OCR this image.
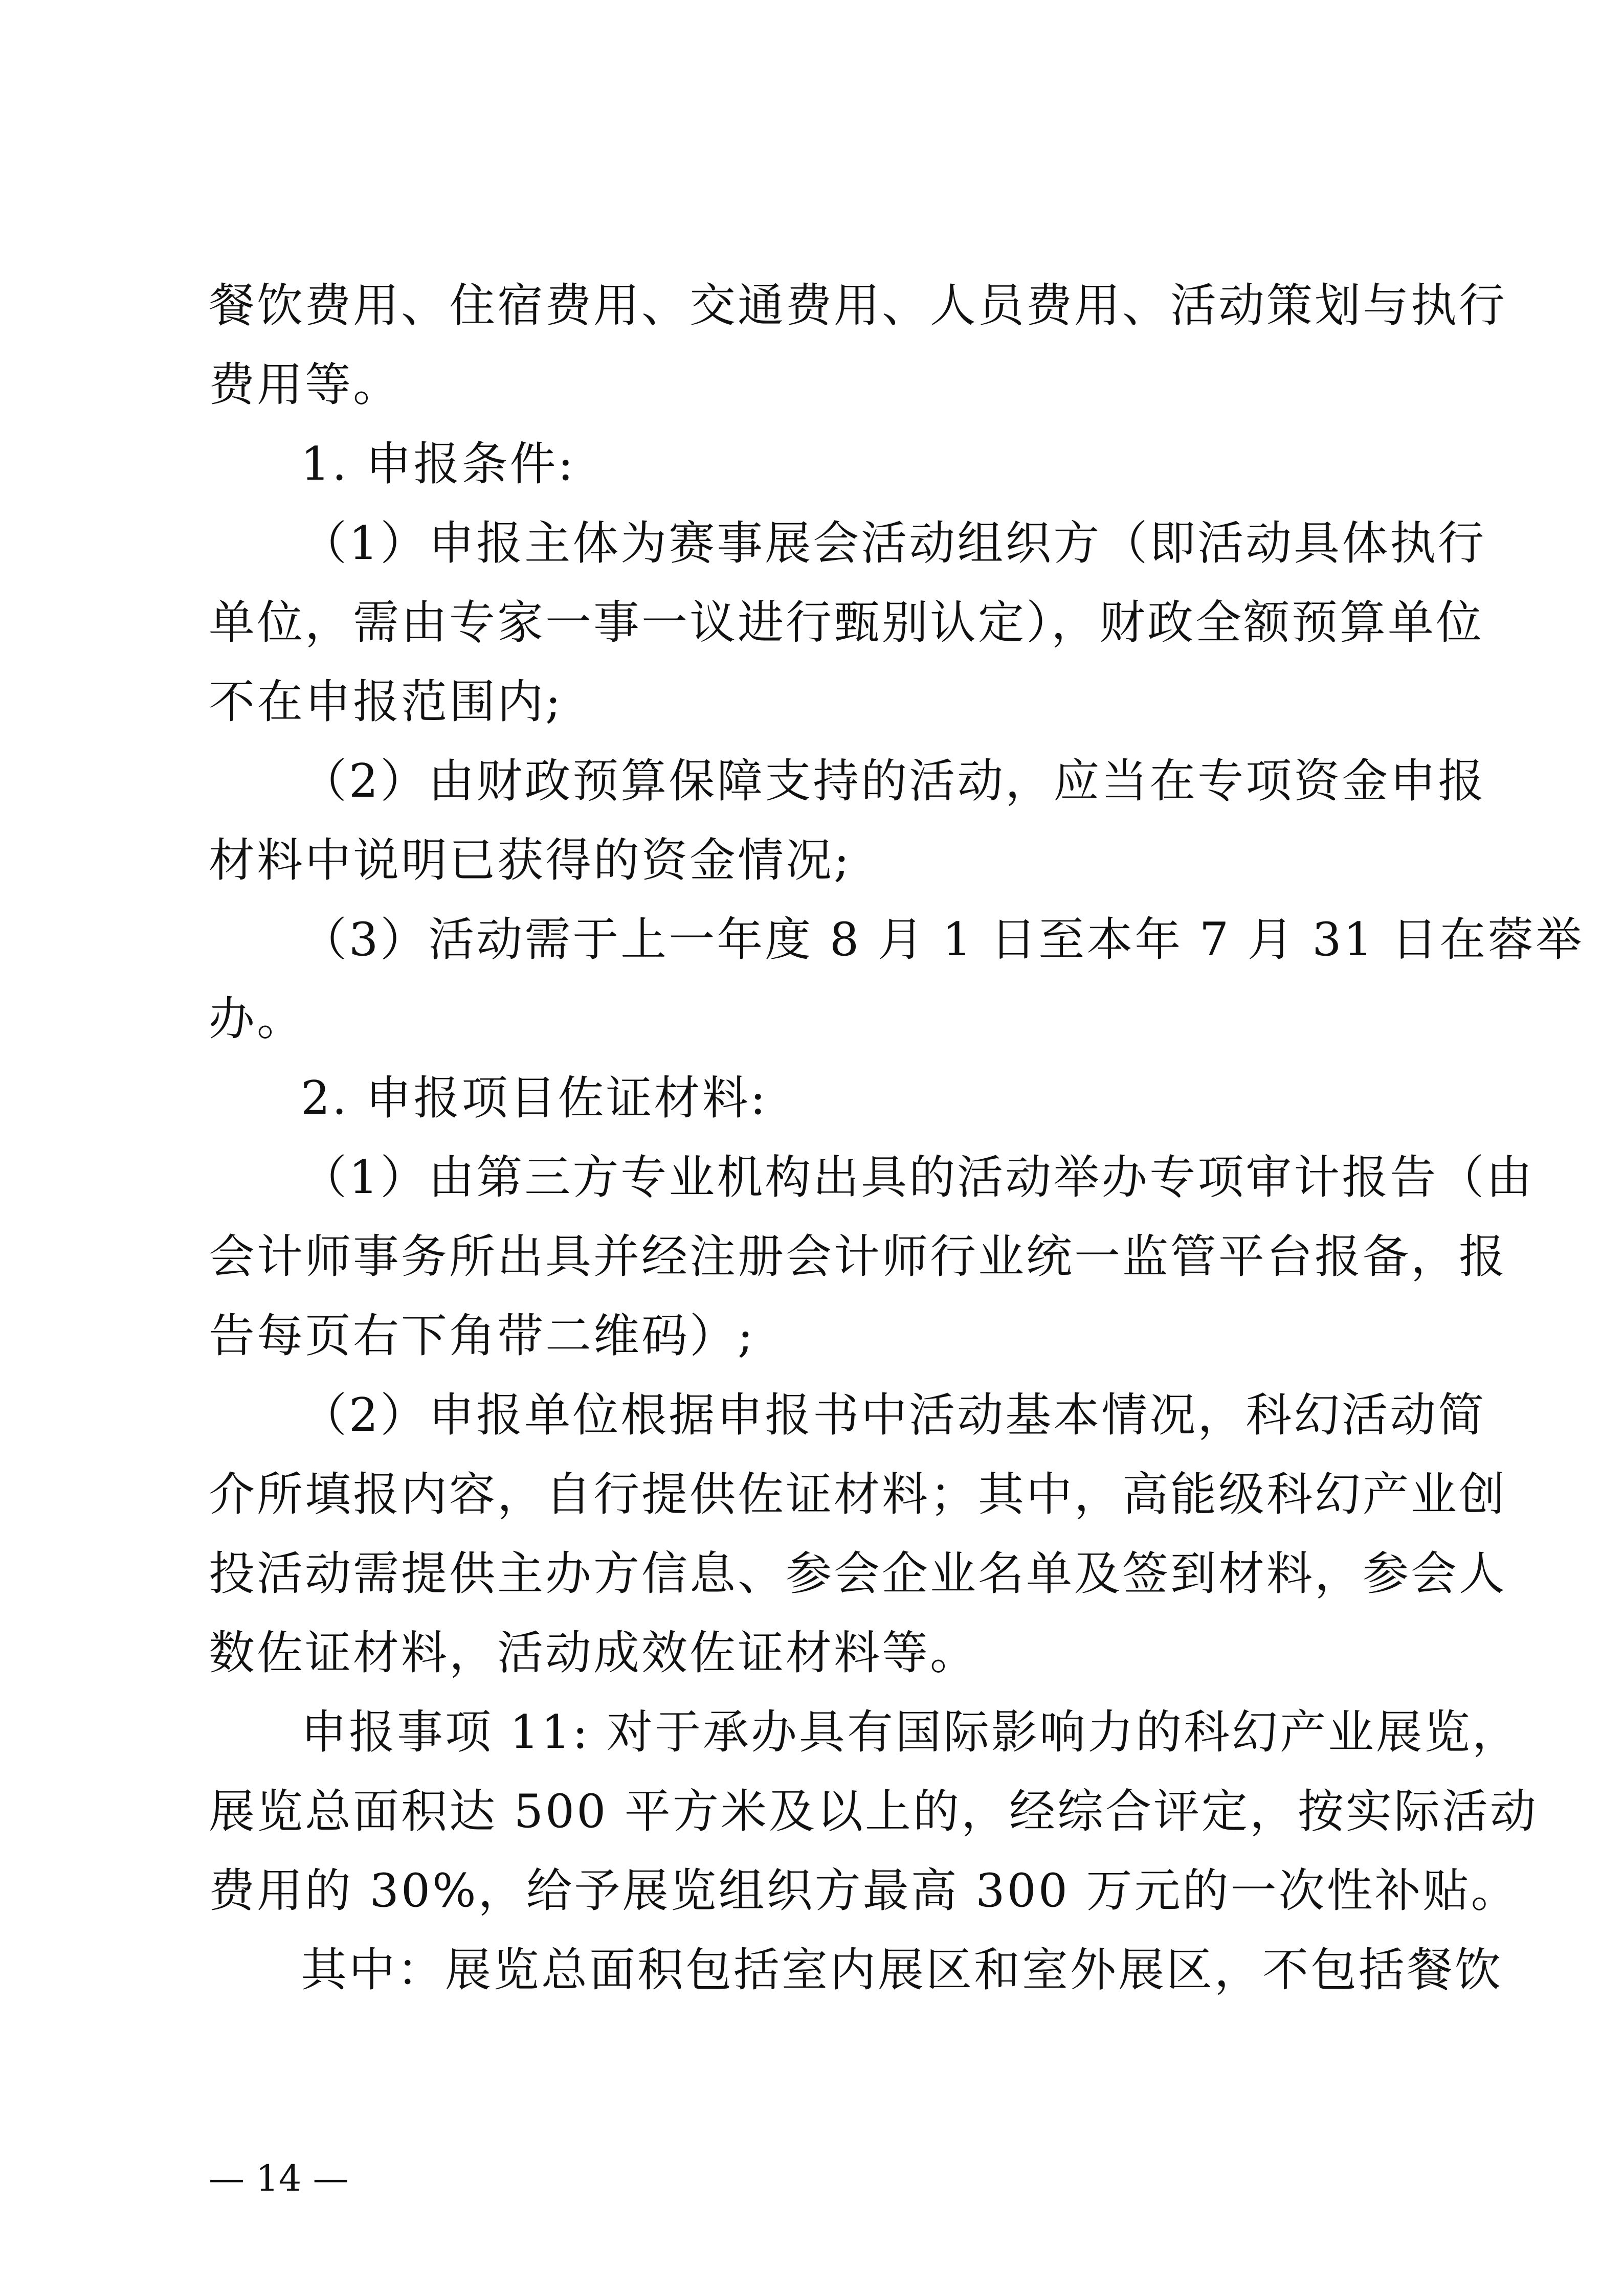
餐饮费用、住宿费用、交通费用、人员费用、活动策划与执行
费用等。
1. 申报条件:
（1）申报主体为赛事展会活动组织方（即活动具体执行
单位，需由专家一事一议进行甄别认定），财政全额预算单位
不在申报范围内;
（2）由财政预算保障支持的活动，应当在专项资金申报
材料中说明已获得的资金情况;
（3）活动需于上一年度 8 月 1 日至本年 7 月 31 日在蓉举
办。
2. 申报项目佐证材料:
（1）由第三方专业机构出具的活动举办专项审计报告（由
会计师事务所出具并经注册会计师行业统一监管平台报备，报
告每页右下角带二维码）;
（2）申报单位根据申报书中活动基本情况，科幻活动简
介所填报内容，自行提供佐证材料；其中，高能级科幻产业创
投活动需提供主办方信息、参会企业名单及签到材料，参会人
数佐证材料，活动成效佐证材料等。
申报事项 11: 对于承办具有国际影响力的科幻产业展览，
展览总面积达 500 平方米及以上的，经综合评定，按实际活动
费用的 30%，给予展览组织方最高 300 万元的一次性补贴。
其中：展览总面积包括室内展区和室外展区，不包括餐饮
— 14 —
